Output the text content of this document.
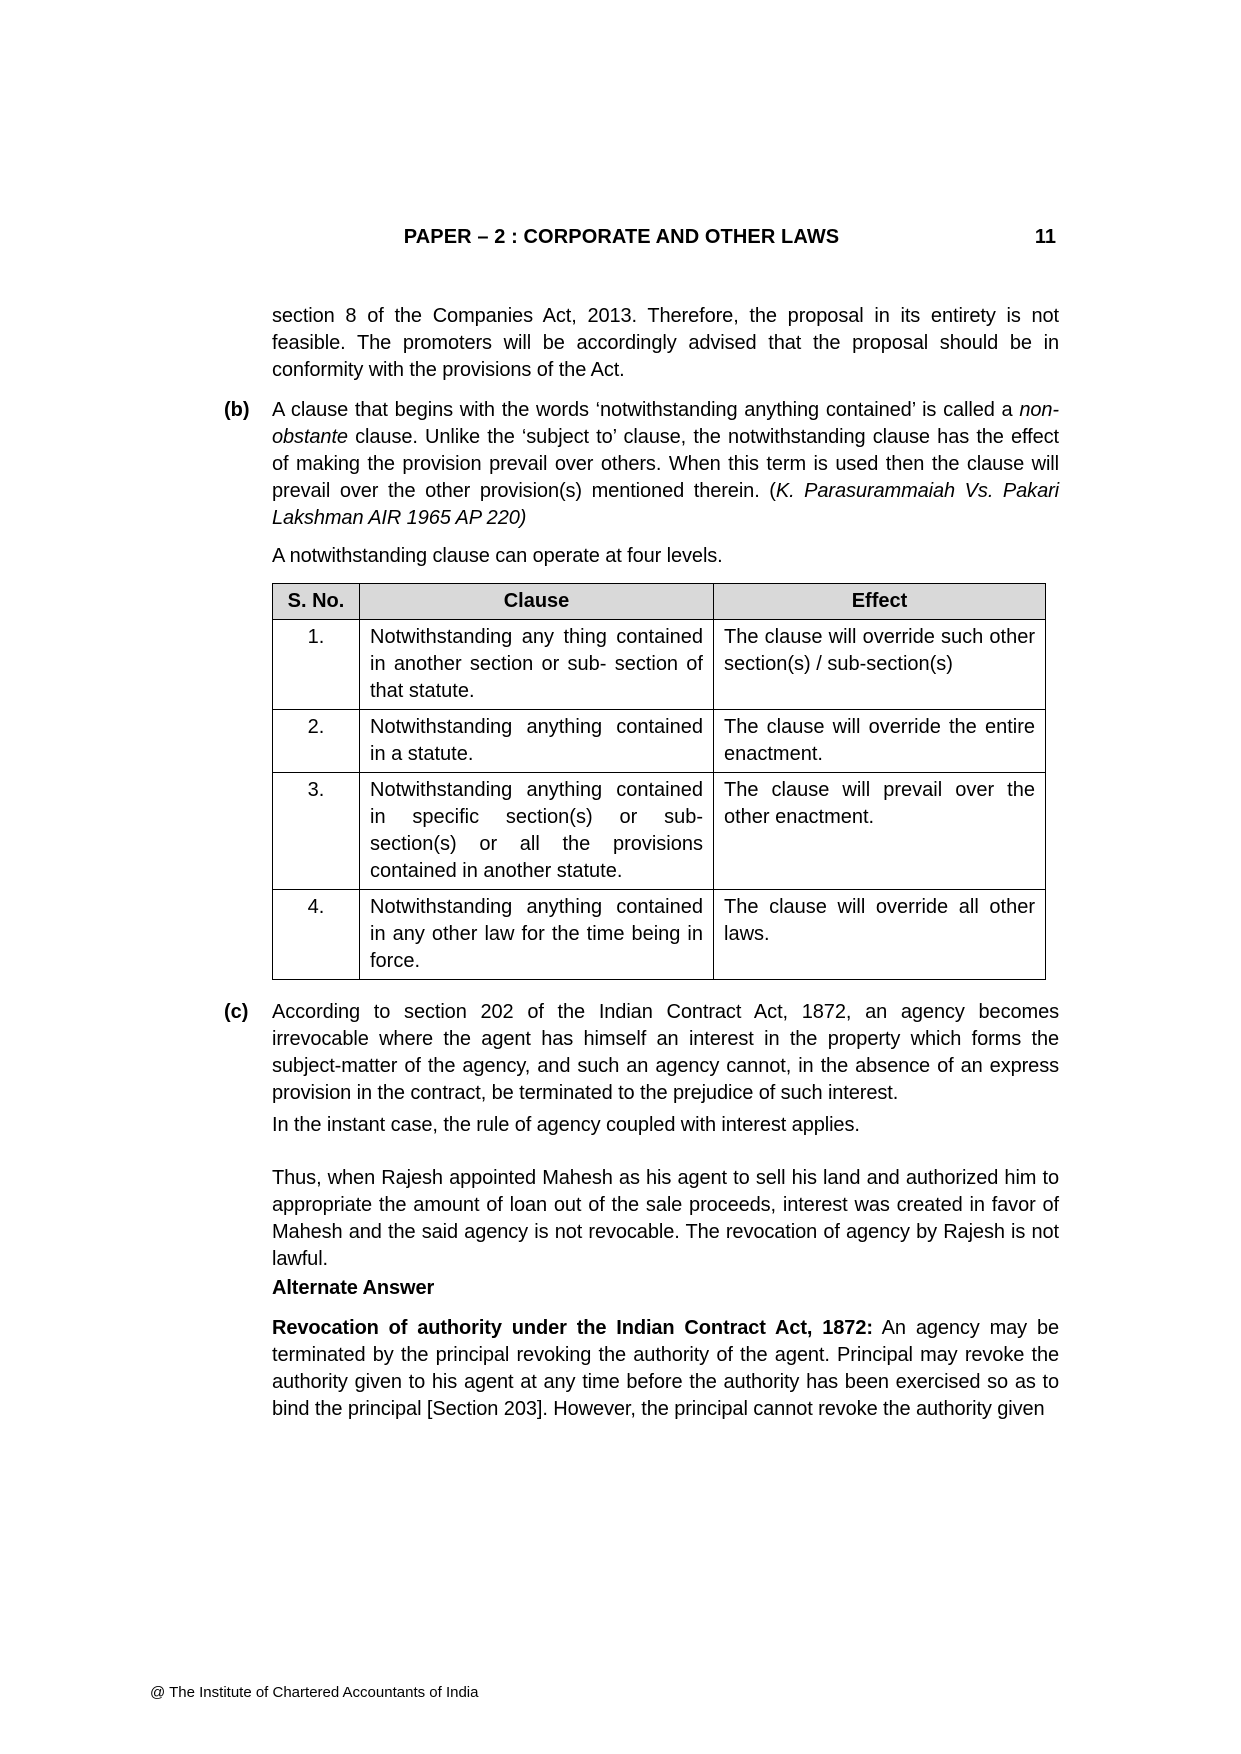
PAPER – 2 : CORPORATE AND OTHER LAWS	11
section 8 of the Companies Act, 2013. Therefore, the proposal in its entirety is not feasible. The promoters will be accordingly advised that the proposal should be in conformity with the provisions of the Act.
(b) A clause that begins with the words ‘notwithstanding anything contained’ is called a non-obstante clause. Unlike the ‘subject to’ clause, the notwithstanding clause has the effect of making the provision prevail over others. When this term is used then the clause will prevail over the other provision(s) mentioned therein. (K. Parasurammaiah Vs. Pakari Lakshman AIR 1965 AP 220)
A notwithstanding clause can operate at four levels.
S. No.	Clause	Effect
1.	Notwithstanding any thing contained in another section or sub- section of that statute.	The clause will override such other section(s) / sub-section(s)
2.	Notwithstanding anything contained in a statute.	The clause will override the entire enactment.
3.	Notwithstanding anything contained in specific section(s) or sub-section(s) or all the provisions contained in another statute.	The clause will prevail over the other enactment.
4.	Notwithstanding anything contained in any other law for the time being in force.	The clause will override all other laws.
(c) According to section 202 of the Indian Contract Act, 1872, an agency becomes irrevocable where the agent has himself an interest in the property which forms the subject-matter of the agency, and such an agency cannot, in the absence of an express provision in the contract, be terminated to the prejudice of such interest.
In the instant case, the rule of agency coupled with interest applies.
Thus, when Rajesh appointed Mahesh as his agent to sell his land and authorized him to appropriate the amount of loan out of the sale proceeds, interest was created in favor of Mahesh and the said agency is not revocable. The revocation of agency by Rajesh is not lawful.
Alternate Answer
Revocation of authority under the Indian Contract Act, 1872: An agency may be terminated by the principal revoking the authority of the agent. Principal may revoke the authority given to his agent at any time before the authority has been exercised so as to bind the principal [Section 203]. However, the principal cannot revoke the authority given
@ The Institute of Chartered Accountants of India
